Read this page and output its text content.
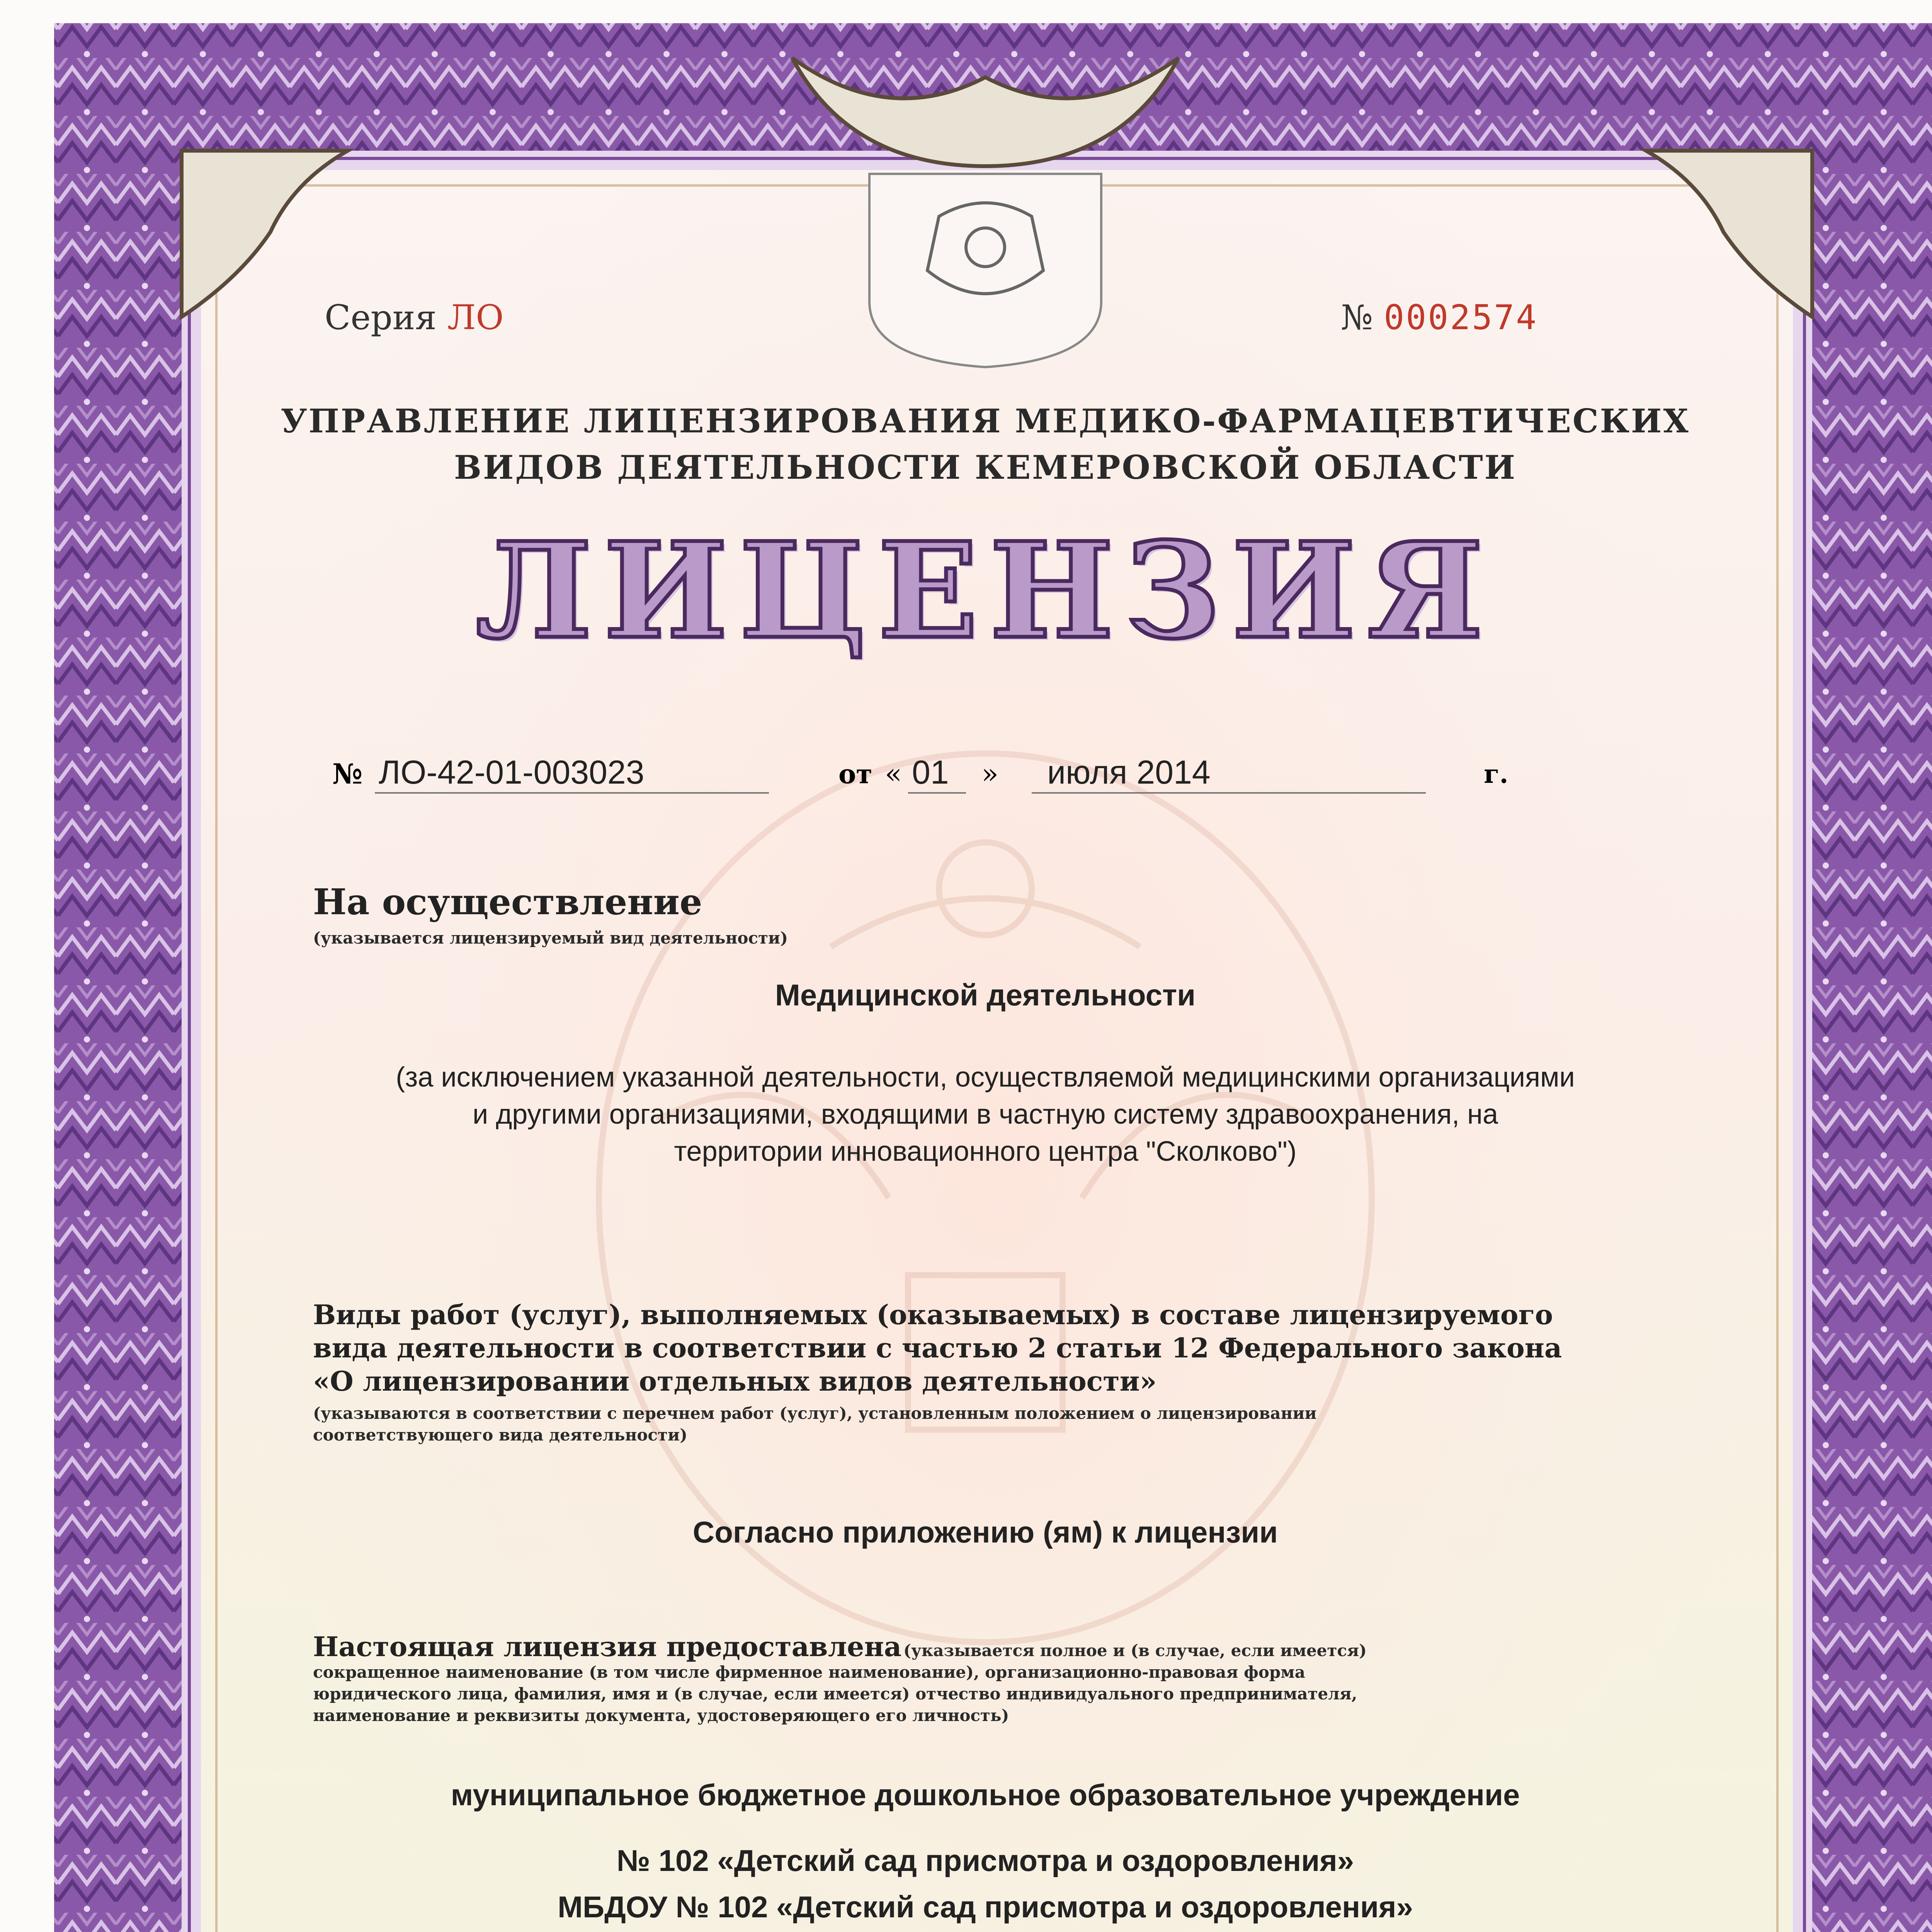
Серия ЛО	№ 0002574
УПРАВЛЕНИЕ ЛИЦЕНЗИРОВАНИЯ МЕДИКО-ФАРМАЦЕВТИЧЕСКИХ
ВИДОВ ДЕЯТЕЛЬНОСТИ КЕМЕРОВСКОЙ ОБЛАСТИ
ЛИЦЕНЗИЯ
№ ЛО-42-01-003023	от « 01 » июля 2014	г.
На осуществление
(указывается лицензируемый вид деятельности)
Медицинской деятельности
(за исключением указанной деятельности, осуществляемой медицинскими организациями
и другими организациями, входящими в частную систему здравоохранения, на
территории инновационного центра "Сколково")
Виды работ (услуг), выполняемых (оказываемых) в составе лицензируемого
вида деятельности в соответствии с частью 2 статьи 12 Федерального закона
«О лицензировании отдельных видов деятельности»
(указываются в соответствии с перечнем работ (услуг), установленным положением о лицензировании
соответствующего вида деятельности)
Согласно приложению (ям) к лицензии
Настоящая лицензия предоставлена (указывается полное и (в случае, если имеется)
сокращенное наименование (в том числе фирменное наименование), организационно-правовая форма
юридического лица, фамилия, имя и (в случае, если имеется) отчество индивидуального предпринимателя,
наименование и реквизиты документа, удостоверяющего его личность)
муниципальное бюджетное дошкольное образовательное учреждение
№ 102 «Детский сад присмотра и оздоровления»
МБДОУ № 102 «Детский сад присмотра и оздоровления»
